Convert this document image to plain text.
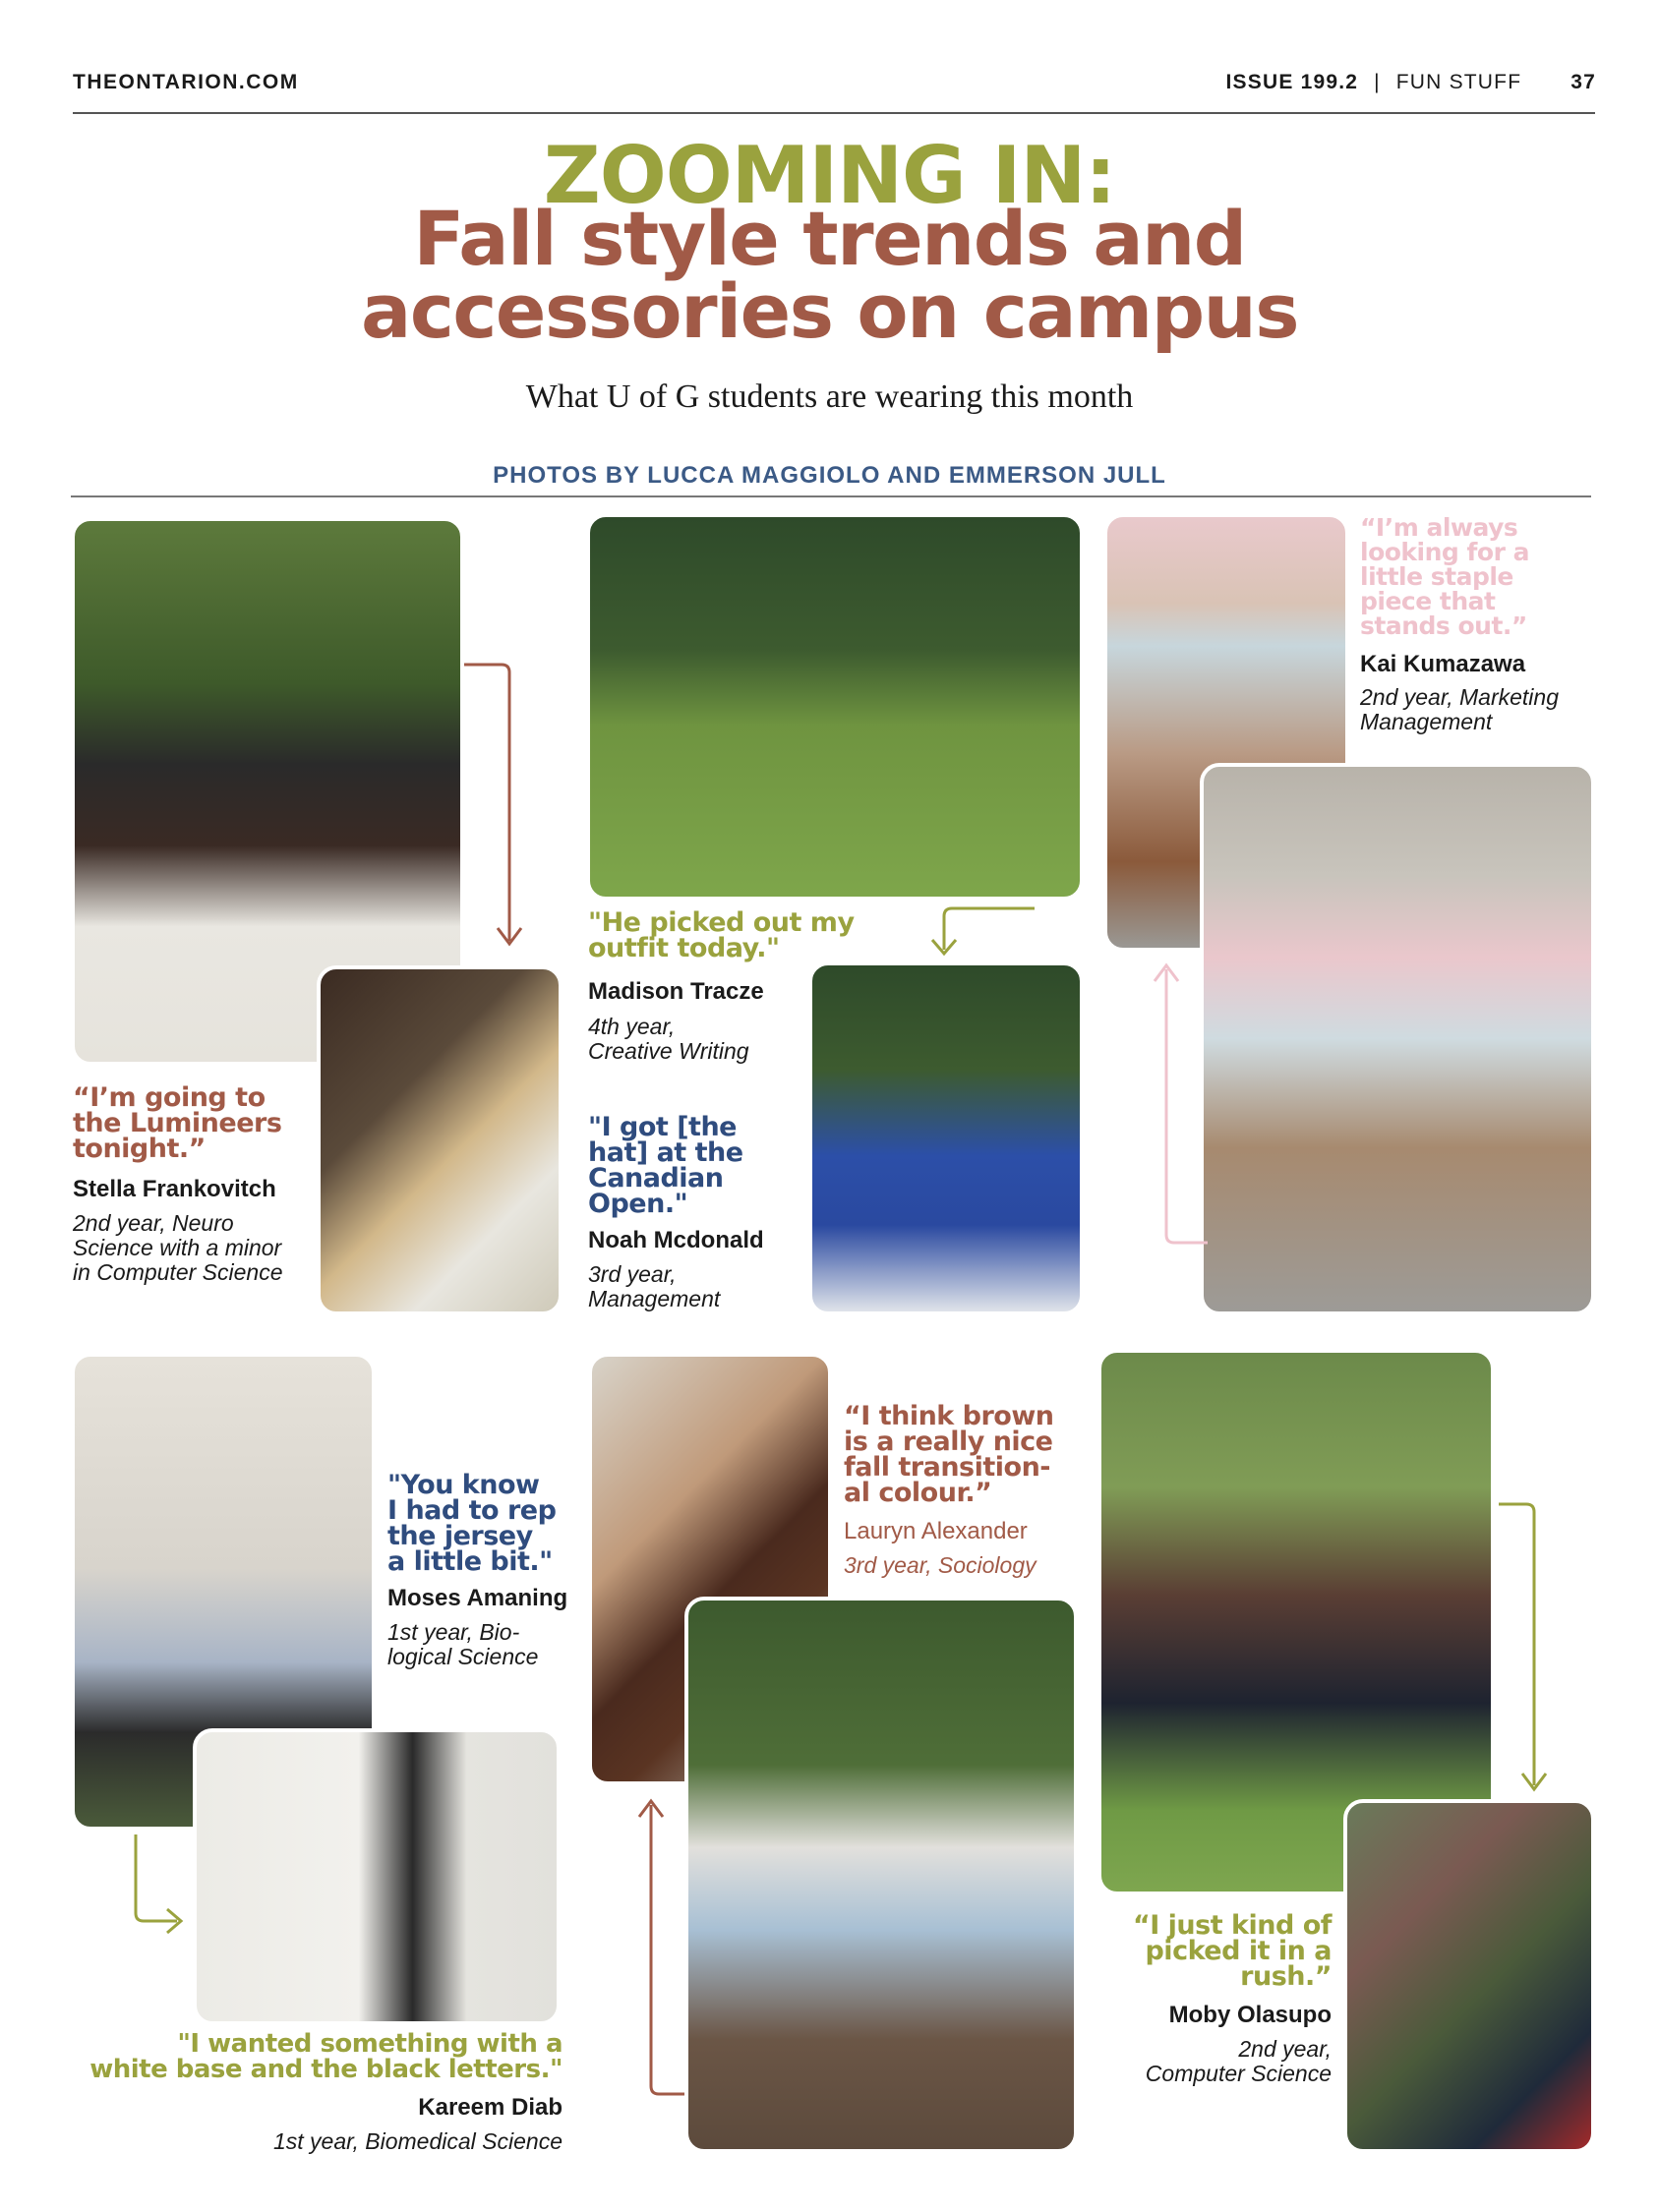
THEONTARION.COM	ISSUE 199.2 | FUN STUFF 37
ZOOMING IN:
Fall style trends and
accessories on campus
What U of G students are wearing this month
PHOTOS BY LUCCA MAGGIOLO AND EMMERSON JULL
“I’m going to
the Lumineers
tonight.”
Stella Frankovitch
2nd year, Neuro
Science with a minor
in Computer Science
"He picked out my
outfit today."
Madison Tracze
4th year,
Creative Writing
"I got [the
hat] at the
Canadian
Open."
Noah Mcdonald
3rd year,
Management
“I’m always
looking for a
little staple
piece that
stands out.”
Kai Kumazawa
2nd year, Marketing
Management
"You know
I had to rep
the jersey
a little bit."
Moses Amaning
1st year, Bio-
logical Science
"I wanted something with a
white base and the black letters."
Kareem Diab
1st year, Biomedical Science
“I think brown
is a really nice
fall transition-
al colour.”
Lauryn Alexander
3rd year, Sociology
“I just kind of
picked it in a
rush.”
Moby Olasupo
2nd year,
Computer Science
